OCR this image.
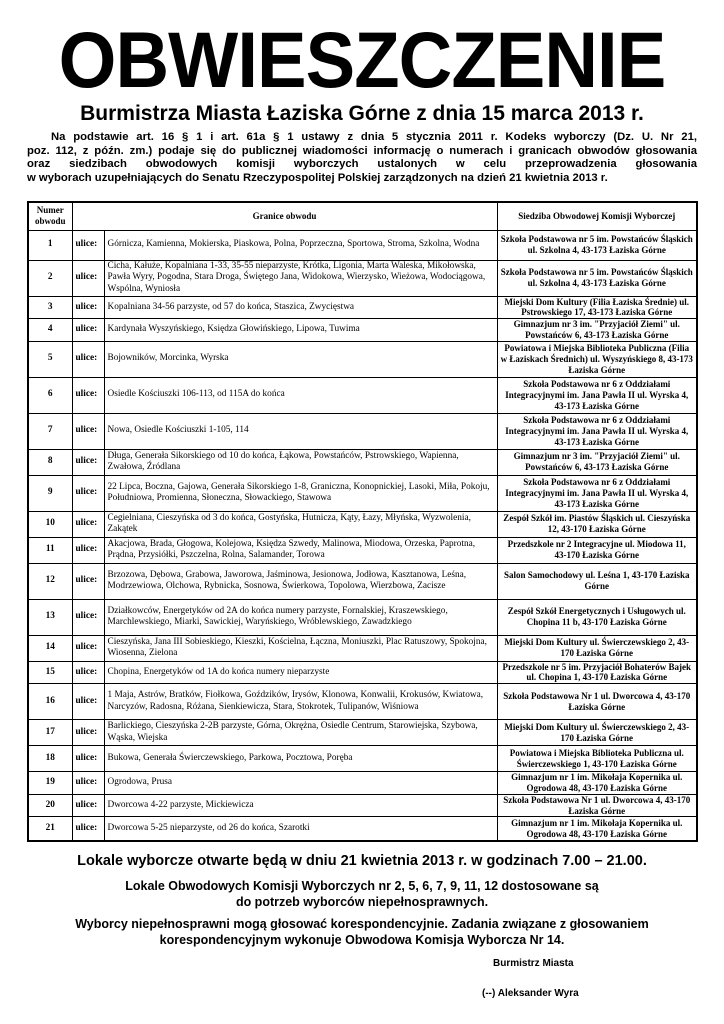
OBWIESZCZENIE
Burmistrza Miasta Łaziska Górne z dnia 15 marca 2013 r.
Na podstawie art. 16 § 1 i art. 61a § 1 ustawy z dnia 5 stycznia 2011 r. Kodeks wyborczy (Dz. U. Nr 21,
poz. 112, z późn. zm.) podaje się do publicznej wiadomości informację o numerach i granicach obwodów głosowania
oraz siedzibach obwodowych komisji wyborczych ustalonych w celu przeprowadzenia głosowania
w wyborach uzupełniających do Senatu Rzeczypospolitej Polskiej zarządzonych na dzień 21 kwietnia 2013 r.
Numer obwodu	Granice obwodu		Siedziba Obwodowej Komisji Wyborczej
1	ulice:	Górnicza, Kamienna, Mokierska, Piaskowa, Polna, Poprzeczna, Sportowa, Stroma, Szkolna, Wodna	Szkoła Podstawowa nr 5 im. Powstańców Śląskich ul. Szkolna 4, 43-173 Łaziska Górne
2	ulice:	Cicha, Kałuże, Kopalniana 1-33, 35-55 nieparzyste, Krótka, Ligonia, Marta Waleska, Mikołowska, Pawła Wyry, Pogodna, Stara Droga, Świętego Jana, Widokowa, Wierzysko, Wieżowa, Wodociągowa, Wspólna, Wyniosła	Szkoła Podstawowa nr 5 im. Powstańców Śląskich ul. Szkolna 4, 43-173 Łaziska Górne
3	ulice:	Kopalniana 34-56 parzyste, od 57 do końca, Staszica, Zwycięstwa	Miejski Dom Kultury (Filia Łaziska Średnie) ul. Pstrowskiego 17, 43-173 Łaziska Górne
4	ulice:	Kardynała Wyszyńskiego, Księdza Głowińskiego, Lipowa, Tuwima	Gimnazjum nr 3 im. "Przyjaciół Ziemi" ul. Powstańców 6, 43-173 Łaziska Górne
5	ulice:	Bojowników, Morcinka, Wyrska	Powiatowa i Miejska Biblioteka Publiczna (Filia w Łaziskach Średnich) ul. Wyszyńskiego 8, 43-173 Łaziska Górne
6	ulice:	Osiedle Kościuszki 106-113, od 115A do końca	Szkoła Podstawowa nr 6 z Oddziałami Integracyjnymi im. Jana Pawła II ul. Wyrska 4, 43-173 Łaziska Górne
7	ulice:	Nowa, Osiedle Kościuszki 1-105, 114	Szkoła Podstawowa nr 6 z Oddziałami Integracyjnymi im. Jana Pawła II ul. Wyrska 4, 43-173 Łaziska Górne
8	ulice:	Długa, Generała Sikorskiego od 10 do końca, Łąkowa, Powstańców, Pstrowskiego, Wapienna, Zwałowa, Źródlana	Gimnazjum nr 3 im. "Przyjaciół Ziemi" ul. Powstańców 6, 43-173 Łaziska Górne
9	ulice:	22 Lipca, Boczna, Gajowa, Generała Sikorskiego 1-8, Graniczna, Konopnickiej, Lasoki, Miła, Pokoju, Południowa, Promienna, Słoneczna, Słowackiego, Stawowa	Szkoła Podstawowa nr 6 z Oddziałami Integracyjnymi im. Jana Pawła II ul. Wyrska 4, 43-173 Łaziska Górne
10	ulice:	Cegielniana, Cieszyńska od 3 do końca, Gostyńska, Hutnicza, Kąty, Łazy, Młyńska, Wyzwolenia, Zakątek	Zespół Szkół im. Piastów Śląskich ul. Cieszyńska 12, 43-170 Łaziska Górne
11	ulice:	Akacjowa, Brada, Głogowa, Kolejowa, Księdza Szwedy, Malinowa, Miodowa, Orzeska, Paprotna, Prądna, Przysiółki, Pszczelna, Rolna, Salamander, Torowa	Przedszkole nr 2 Integracyjne ul. Miodowa 11, 43-170 Łaziska Górne
12	ulice:	Brzozowa, Dębowa, Grabowa, Jaworowa, Jaśminowa, Jesionowa, Jodłowa, Kasztanowa, Leśna, Modrzewiowa, Olchowa, Rybnicka, Sosnowa, Świerkowa, Topolowa, Wierzbowa, Zacisze	Salon Samochodowy ul. Leśna 1, 43-170 Łaziska Górne
13	ulice:	Działkowców, Energetyków od 2A do końca numery parzyste, Fornalskiej, Kraszewskiego, Marchlewskiego, Miarki, Sawickiej, Waryńskiego, Wróblewskiego, Zawadzkiego	Zespół Szkół Energetycznych i Usługowych ul. Chopina 11 b, 43-170 Łaziska Górne
14	ulice:	Cieszyńska, Jana III Sobieskiego, Kieszki, Kościelna, Łączna, Moniuszki, Plac Ratuszowy, Spokojna, Wiosenna, Zielona	Miejski Dom Kultury ul. Świerczewskiego 2, 43-170 Łaziska Górne
15	ulice:	Chopina, Energetyków od 1A do końca numery nieparzyste	Przedszkole nr 5 im. Przyjaciół Bohaterów Bajek ul. Chopina 1, 43-170 Łaziska Górne
16	ulice:	1 Maja, Astrów, Bratków, Fiołkowa, Goździków, Irysów, Klonowa, Konwalii, Krokusów, Kwiatowa, Narcyzów, Radosna, Różana, Sienkiewicza, Stara, Stokrotek, Tulipanów, Wiśniowa	Szkoła Podstawowa Nr 1 ul. Dworcowa 4, 43-170 Łaziska Górne
17	ulice:	Barlickiego, Cieszyńska 2-2B parzyste, Górna, Okrężna, Osiedle Centrum, Starowiejska, Szybowa, Wąska, Wiejska	Miejski Dom Kultury ul. Świerczewskiego 2, 43-170 Łaziska Górne
18	ulice:	Bukowa, Generała Świerczewskiego, Parkowa, Pocztowa, Poręba	Powiatowa i Miejska Biblioteka Publiczna ul. Świerczewskiego 1, 43-170 Łaziska Górne
19	ulice:	Ogrodowa, Prusa	Gimnazjum nr 1 im. Mikołaja Kopernika ul. Ogrodowa 48, 43-170 Łaziska Górne
20	ulice:	Dworcowa 4-22 parzyste, Mickiewicza	Szkoła Podstawowa Nr 1 ul. Dworcowa 4, 43-170 Łaziska Górne
21	ulice:	Dworcowa 5-25 nieparzyste, od 26 do końca, Szarotki	Gimnazjum nr 1 im. Mikołaja Kopernika ul. Ogrodowa 48, 43-170 Łaziska Górne
Lokale wyborcze otwarte będą w dniu 21 kwietnia 2013 r. w godzinach 7.00 – 21.00.
Lokale Obwodowych Komisji Wyborczych nr 2, 5, 6, 7, 9, 11, 12 dostosowane są
do potrzeb wyborców niepełnosprawnych.
Wyborcy niepełnosprawni mogą głosować korespondencyjnie. Zadania związane z głosowaniem
korespondencyjnym wykonuje Obwodowa Komisja Wyborcza Nr 14.
Burmistrz Miasta
(--) Aleksander Wyra
